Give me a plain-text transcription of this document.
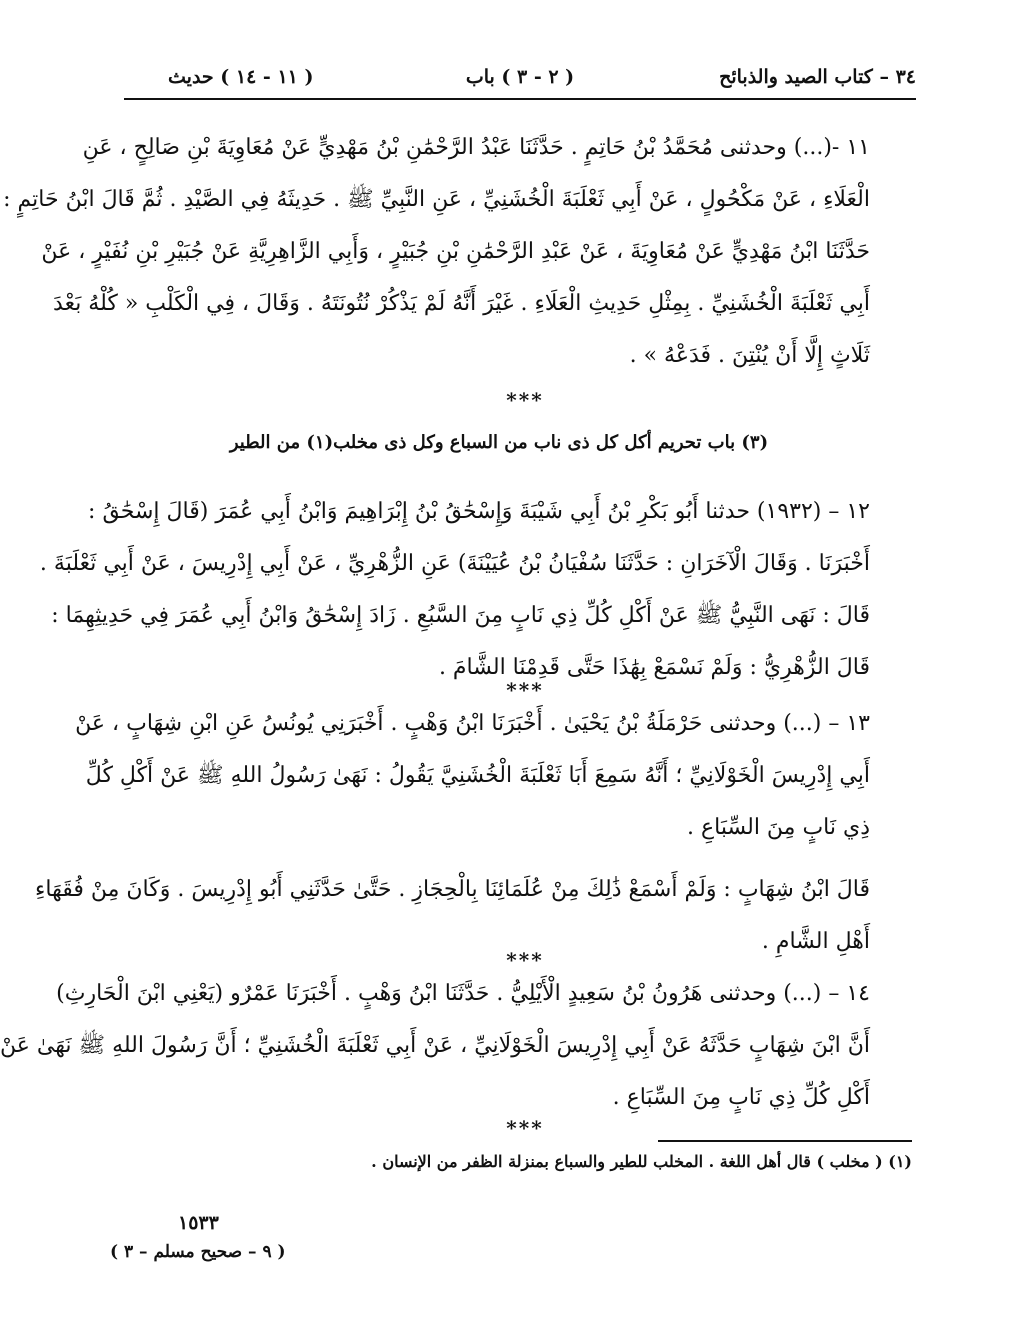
٣٤ – كتاب الصيد والذبائح
( ٢ - ٣ ) باب
( ١١ - ١٤ ) حديث
١١ -(...) وحدثنى مُحَمَّدُ بْنُ حَاتِمٍ . حَدَّثَنَا عَبْدُ الرَّحْمَٰنِ بْنُ مَهْدِيٍّ عَنْ مُعَاوِيَةَ بْنِ صَالِحٍ ، عَنِ
الْعَلَاءِ ، عَنْ مَكْحُولٍ ، عَنْ أَبِي ثَعْلَبَةَ الْخُشَنِيِّ ، عَنِ النَّبِيِّ ﷺ . حَدِيثَهُ فِي الصَّيْدِ . ثُمَّ قَالَ ابْنُ حَاتِمٍ :
حَدَّثَنَا ابْنُ مَهْدِيٍّ عَنْ مُعَاوِيَةَ ، عَنْ عَبْدِ الرَّحْمَٰنِ بْنِ جُبَيْرٍ ، وَأَبِي الزَّاهِرِيَّةِ عَنْ جُبَيْرِ بْنِ نُفَيْرٍ ، عَنْ
أَبِي ثَعْلَبَةَ الْخُشَنِيِّ . بِمِثْلِ حَدِيثِ الْعَلَاءِ . غَيْرَ أَنَّهُ لَمْ يَذْكُرْ نُتُونَتَهُ . وَقَالَ ، فِي الْكَلْبِ « كُلْهُ بَعْدَ
ثَلَاثٍ إِلَّا أَنْ يُنْتِنَ . فَدَعْهُ » .
***
(٣) باب تحريم أكل كل ذى ناب من السباع وكل ذى مخلب(١) من الطير
١٢ – (١٩٣٢) حدثنا أَبُو بَكْرِ بْنُ أَبِي شَيْبَةَ وَإِسْحَٰقُ بْنُ إِبْرَاهِيمَ وَابْنُ أَبِي عُمَرَ (قَالَ إِسْحَٰقُ :
أَخْبَرَنَا . وَقَالَ الْآخَرَانِ : حَدَّثَنَا سُفْيَانُ بْنُ عُيَيْنَةَ) عَنِ الزُّهْرِيِّ ، عَنْ أَبِي إِدْرِيسَ ، عَنْ أَبِي ثَعْلَبَةَ .
قَالَ : نَهَى النَّبِيُّ ﷺ عَنْ أَكْلِ كُلِّ ذِي نَابٍ مِنَ السَّبُعِ . زَادَ إِسْحَٰقُ وَابْنُ أَبِي عُمَرَ فِي حَدِيثِهِمَا :
قَالَ الزُّهْرِيُّ : وَلَمْ نَسْمَعْ بِهَٰذَا حَتَّى قَدِمْنَا الشَّامَ .
***
١٣ – (...) وحدثنى حَرْمَلَةُ بْنُ يَحْيَىٰ . أَخْبَرَنَا ابْنُ وَهْبٍ . أَخْبَرَنِي يُونُسُ عَنِ ابْنِ شِهَابٍ ، عَنْ
أَبِي إِدْرِيسَ الْخَوْلَانِيِّ ؛ أَنَّهُ سَمِعَ أَبَا ثَعْلَبَةَ الْخُشَنِيَّ يَقُولُ : نَهَىٰ رَسُولُ اللهِ ﷺ عَنْ أَكْلِ كُلِّ
ذِي نَابٍ مِنَ السِّبَاعِ .
قَالَ ابْنُ شِهَابٍ : وَلَمْ أَسْمَعْ ذَٰلِكَ مِنْ عُلَمَائِنَا بِالْحِجَازِ . حَتَّىٰ حَدَّثَنِي أَبُو إِدْرِيسَ . وَكَانَ مِنْ فُقَهَاءِ
أَهْلِ الشَّامِ .
***
١٤ – (...) وحدثنى هَرُونُ بْنُ سَعِيدٍ الْأَيْلِيُّ . حَدَّثَنَا ابْنُ وَهْبٍ . أَخْبَرَنَا عَمْرٌو (يَعْنِي ابْنَ الْحَارِثِ)
أَنَّ ابْنَ شِهَابٍ حَدَّثَهُ عَنْ أَبِي إِدْرِيسَ الْخَوْلَانِيِّ ، عَنْ أَبِي ثَعْلَبَةَ الْخُشَنِيِّ ؛ أَنَّ رَسُولَ اللهِ ﷺ نَهَىٰ عَنْ
أَكْلِ كُلِّ ذِي نَابٍ مِنَ السِّبَاعِ .
***
(١) ( مخلب ) قال أهل اللغة . المخلب للطير والسباع بمنزلة الظفر من الإنسان .
١٥٣٣
( ٩ – صحيح مسلم – ٣ )
